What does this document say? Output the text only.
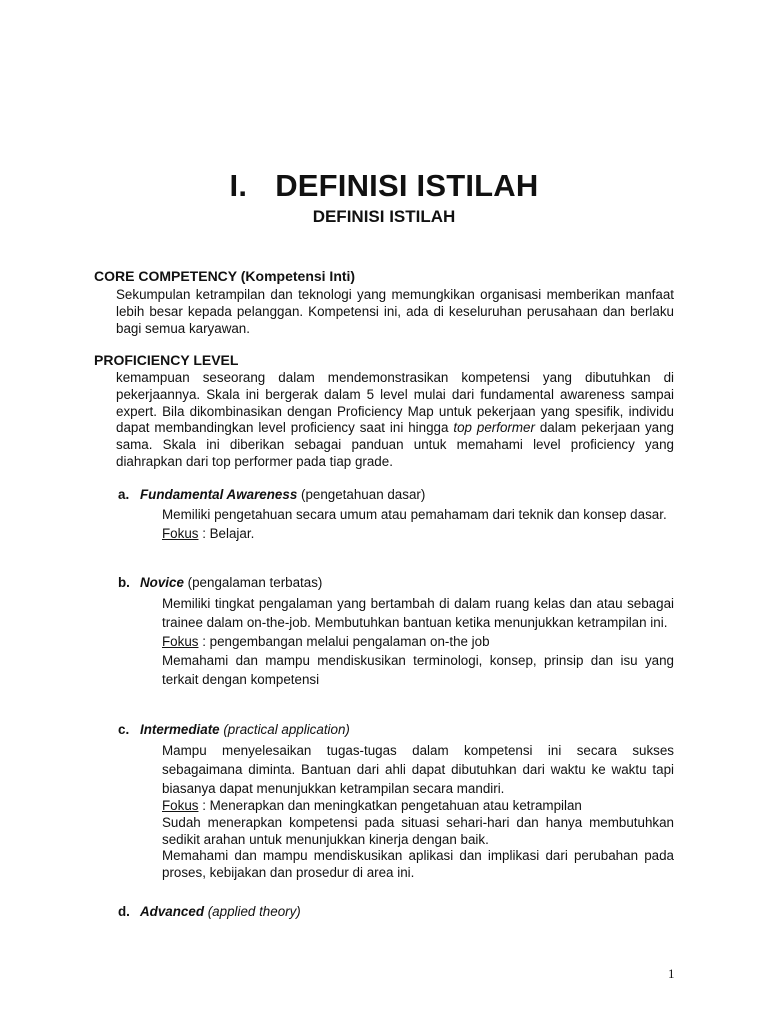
I. DEFINISI ISTILAH
DEFINISI ISTILAH
CORE COMPETENCY (Kompetensi Inti)
Sekumpulan ketrampilan dan teknologi yang memungkikan organisasi memberikan manfaat lebih besar kepada pelanggan. Kompetensi ini, ada di keseluruhan perusahaan dan berlaku bagi semua karyawan.
PROFICIENCY LEVEL
kemampuan seseorang dalam mendemonstrasikan kompetensi yang dibutuhkan di pekerjaannya. Skala ini bergerak dalam 5 level mulai dari fundamental awareness sampai expert. Bila dikombinasikan dengan Proficiency Map untuk pekerjaan yang spesifik, individu dapat membandingkan level proficiency saat ini hingga top performer dalam pekerjaan yang sama. Skala ini diberikan sebagai panduan untuk memahami level proficiency yang diahrapkan dari top performer pada tiap grade.
a. Fundamental Awareness (pengetahuan dasar)
Memiliki pengetahuan secara umum atau pemahamam dari teknik dan konsep dasar.
Fokus : Belajar.
b. Novice (pengalaman terbatas)
Memiliki tingkat pengalaman yang bertambah di dalam ruang kelas dan atau sebagai trainee dalam on-the-job. Membutuhkan bantuan ketika menunjukkan ketrampilan ini.
Fokus : pengembangan melalui pengalaman on-the job
Memahami dan mampu mendiskusikan terminologi, konsep, prinsip dan isu yang terkait dengan kompetensi
c. Intermediate (practical application)
Mampu menyelesaikan tugas-tugas dalam kompetensi ini secara sukses sebagaimana diminta. Bantuan dari ahli dapat dibutuhkan dari waktu ke waktu tapi biasanya dapat menunjukkan ketrampilan secara mandiri.
Fokus : Menerapkan dan meningkatkan pengetahuan atau ketrampilan
Sudah menerapkan kompetensi pada situasi sehari-hari dan hanya membutuhkan sedikit arahan untuk menunjukkan kinerja dengan baik.
Memahami dan mampu mendiskusikan aplikasi dan implikasi dari perubahan pada proses, kebijakan dan prosedur di area ini.
d. Advanced (applied theory)
1
